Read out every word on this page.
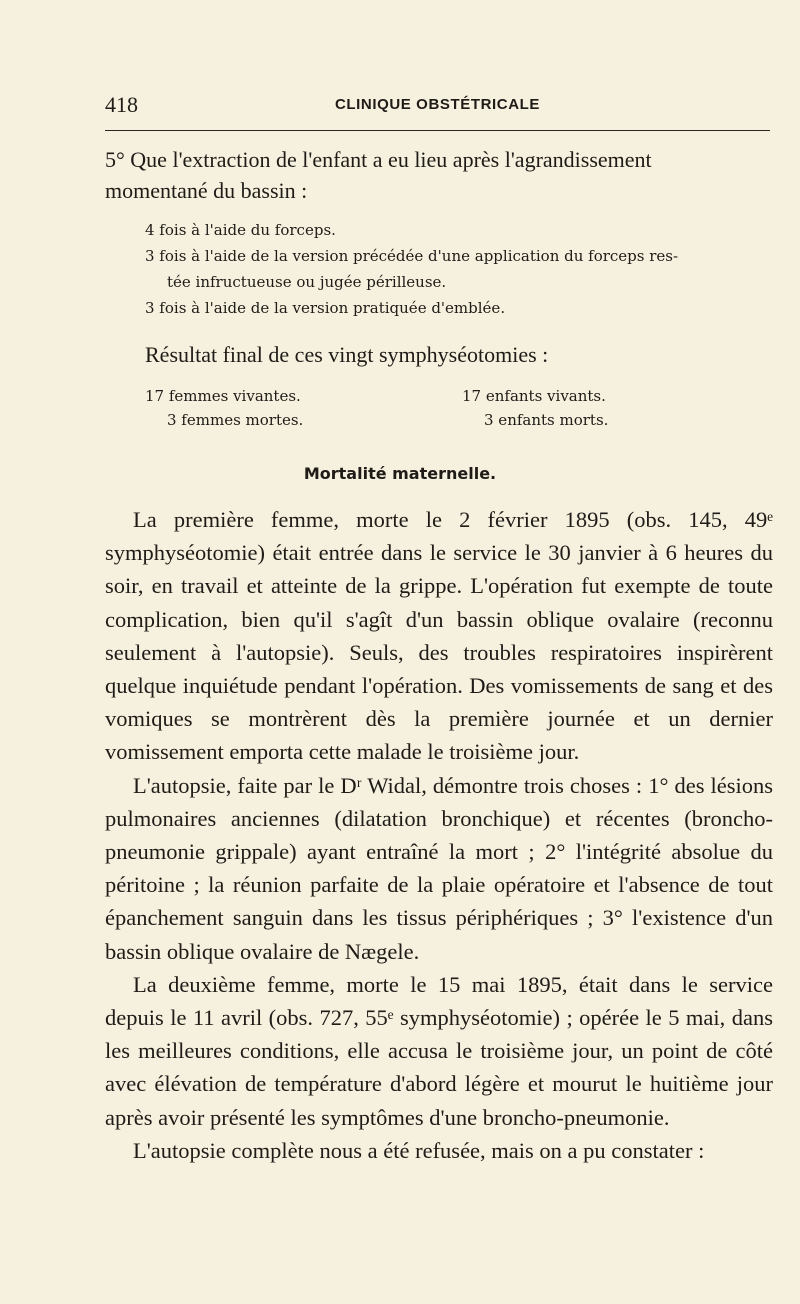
418	CLINIQUE OBSTÉTRICALE
5° Que l'extraction de l'enfant a eu lieu après l'agrandissement
momentané du bassin :
4 fois à l'aide du forceps.
3 fois à l'aide de la version précédée d'une application du forceps res-
tée infructueuse ou jugée périlleuse.
3 fois à l'aide de la version pratiquée d'emblée.
Résultat final de ces vingt symphyséotomies :
17 femmes vivantes.
3 femmes mortes.
17 enfants vivants.
3 enfants morts.
Mortalité maternelle.

La première femme, morte le 2 février 1895 (obs. 145, 49ᵉ symphyséotomie) était entrée dans le service le 30 janvier à 6 heures du soir, en travail et atteinte de la grippe. L'opération fut exempte de toute complication, bien qu'il s'agît d'un bassin oblique ovalaire (reconnu seulement à l'autopsie). Seuls, des troubles respiratoires inspirèrent quelque inquiétude pendant l'opération. Des vomissements de sang et des vomiques se montrèrent dès la première journée et un dernier vomissement emporta cette malade le troisième jour.

L'autopsie, faite par le Dʳ Widal, démontre trois choses : 1° des lésions pulmonaires anciennes (dilatation bronchique) et récentes (broncho-pneumonie grippale) ayant entraîné la mort ; 2° l'intégrité absolue du péritoine ; la réunion parfaite de la plaie opératoire et l'absence de tout épanchement sanguin dans les tissus périphériques ; 3° l'existence d'un bassin oblique ovalaire de Nægele.

La deuxième femme, morte le 15 mai 1895, était dans le service depuis le 11 avril (obs. 727, 55ᵉ symphyséotomie) ; opérée le 5 mai, dans les meilleures conditions, elle accusa le troisième jour, un point de côté avec élévation de température d'abord légère et mourut le huitième jour après avoir présenté les symptômes d'une broncho-pneumonie.

L'autopsie complète nous a été refusée, mais on a pu constater :
